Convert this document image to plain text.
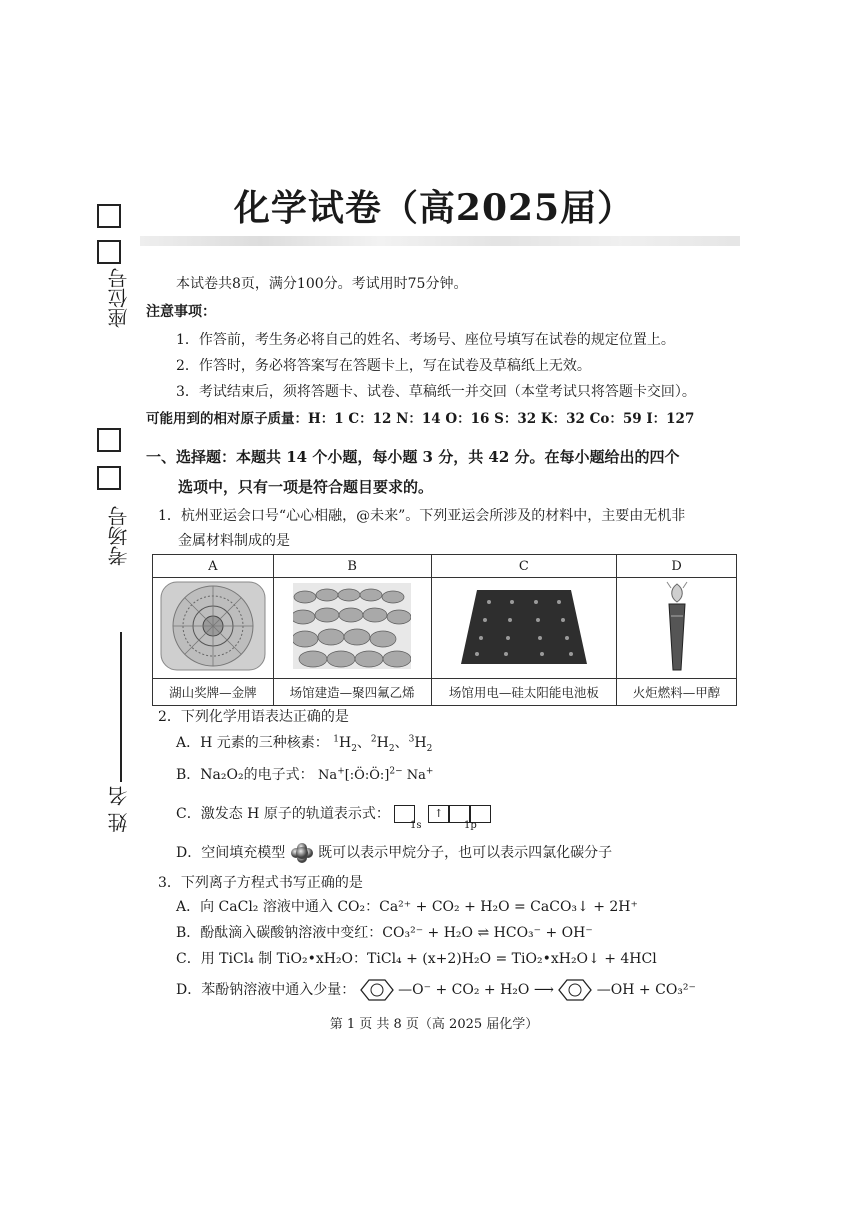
座位号
考场号
姓 名
化学试卷（高2025届）
本试卷共8页，满分100分。考试用时75分钟。
注意事项：
1．作答前，考生务必将自己的姓名、考场号、座位号填写在试卷的规定位置上。
2．作答时，务必将答案写在答题卡上，写在试卷及草稿纸上无效。
3．考试结束后，须将答题卡、试卷、草稿纸一并交回（本堂考试只将答题卡交回）。
可能用到的相对原子质量：H：1 C：12 N：14 O：16 S：32 K：32 Co：59 I：127
一、选择题：本题共 14 个小题，每小题 3 分，共 42 分。在每小题给出的四个
选项中，只有一项是符合题目要求的。
1．杭州亚运会口号“心心相融，@未来”。下列亚运会所涉及的材料中，主要由无机非
金属材料制成的是
A	B	C	D

湖山奖牌—金牌	场馆建造—聚四氟乙烯	场馆用电—硅太阳能电池板	火炬燃料—甲醇
2．下列化学用语表达正确的是
A．H 元素的三种核素： $^1H_2$、$^2H_2$、$^3H_2$
B．Na₂O₂的电子式： Na+[:Ö:Ö:]$^{2-}$ Na+
C．激发态 H 原子的轨道表示式：	↑
1s	1p
D．空间填充模型 既可以表示甲烷分子，也可以表示四氯化碳分子
3．下列离子方程式书写正确的是
A．向 CaCl₂ 溶液中通入 CO₂：Ca²⁺ + CO₂ + H₂O = CaCO₃↓ + 2H⁺
B．酚酞滴入碳酸钠溶液中变红：CO₃²⁻ + H₂O ⇌ HCO₃⁻ + OH⁻
C．用 TiCl₄ 制 TiO₂•xH₂O：TiCl₄ + (x+2)H₂O = TiO₂•xH₂O↓ + 4HCl
D．苯酚钠溶液中通入少量：	—O⁻ + CO₂ + H₂O ⟶	—OH + CO₃²⁻
第 1 页 共 8 页（高 2025 届化学）
